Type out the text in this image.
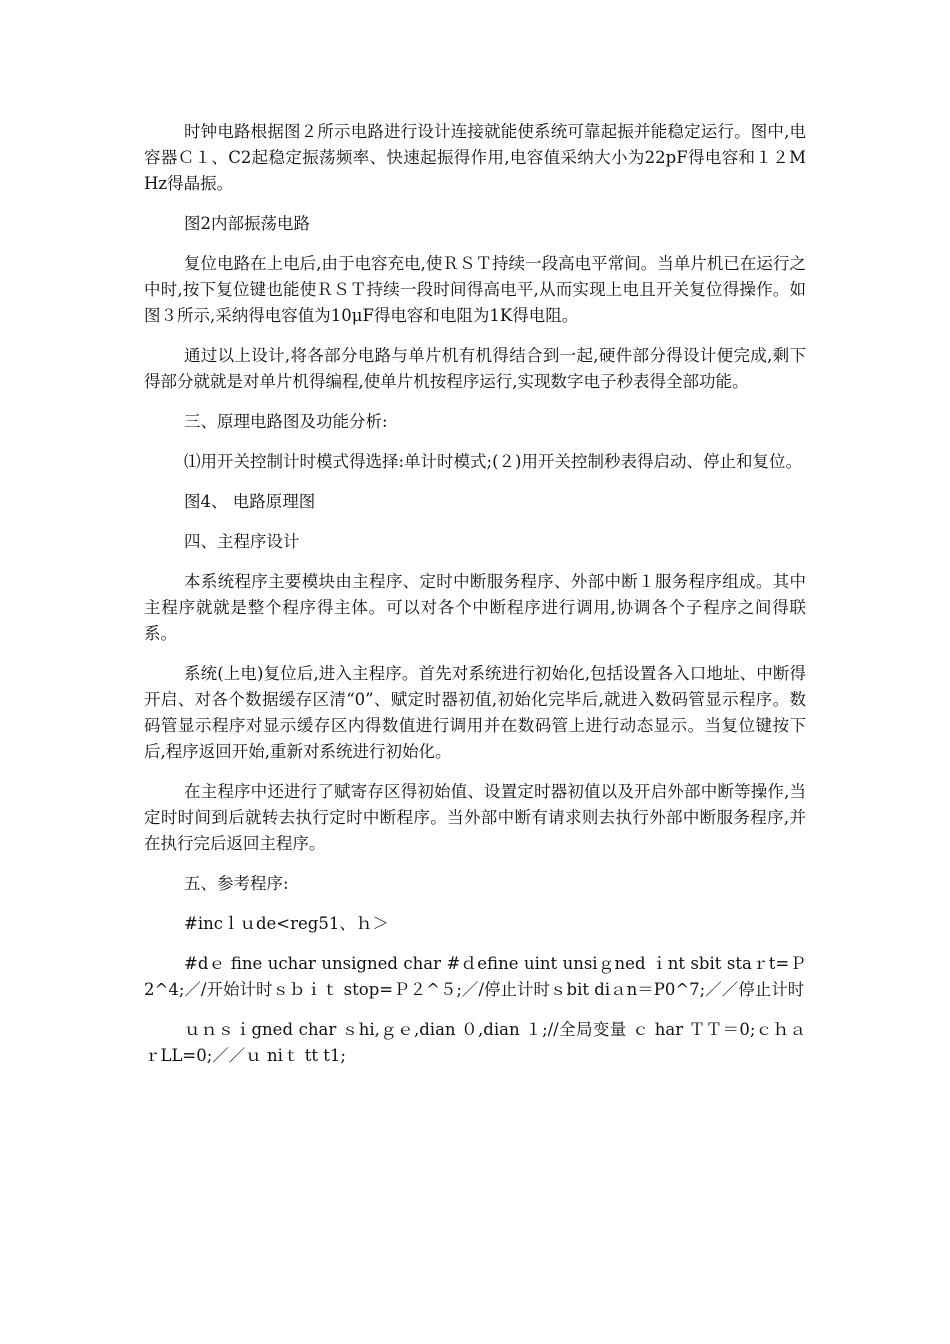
时钟电路根据图２所示电路进行设计连接就能使系统可靠起振并能稳定运行。图中,电容器Ｃ１、C2起稳定振荡频率、快速起振得作用,电容值采纳大小为22pF得电容和１２MHz得晶振。

图2内部振荡电路

复位电路在上电后,由于电容充电,使ＲＳＴ持续一段高电平常间。当单片机已在运行之中时,按下复位键也能使ＲＳＴ持续一段时间得高电平,从而实现上电且开关复位得操作。如图３所示,采纳得电容值为10μF得电容和电阻为1K得电阻。

通过以上设计,将各部分电路与单片机有机得结合到一起,硬件部分得设计便完成,剩下得部分就就是对单片机得编程,使单片机按程序运行,实现数字电子秒表得全部功能。

三、原理电路图及功能分析:

⑴用开关控制计时模式得选择:单计时模式;(２)用开关控制秒表得启动、停止和复位。

图4、 电路原理图

四、主程序设计

本系统程序主要模块由主程序、定时中断服务程序、外部中断１服务程序组成。其中主程序就就是整个程序得主体。可以对各个中断程序进行调用,协调各个子程序之间得联系。

系统(上电)复位后,进入主程序。首先对系统进行初始化,包括设置各入口地址、中断得开启、对各个数据缓存区清“0”、赋定时器初值,初始化完毕后,就进入数码管显示程序。数码管显示程序对显示缓存区内得数值进行调用并在数码管上进行动态显示。当复位键按下后,程序返回开始,重新对系统进行初始化。

在主程序中还进行了赋寄存区得初始值、设置定时器初值以及开启外部中断等操作,当定时时间到后就转去执行定时中断程序。当外部中断有请求则去执行外部中断服务程序,并在执行完后返回主程序。

五、参考程序:

#incｌｕde<reg51、ｈ＞

#dｅ fine uchar unsigned char #ｄefine uint unsiｇned ｉnt sbit staｒt=Ｐ2^4;／/开始计时ｓｂｉｔ stop=Ｐ２^５;／/停止计时ｓbit diａn＝P0^7;／／停止计时

ｕｎｓｉgned char ｓhi,ｇｅ,dian ０,dian １;//全局变量 ｃ har ＴＴ＝0;ｃｈａｒLL=0;／／ｕ niｔ tt t1;
